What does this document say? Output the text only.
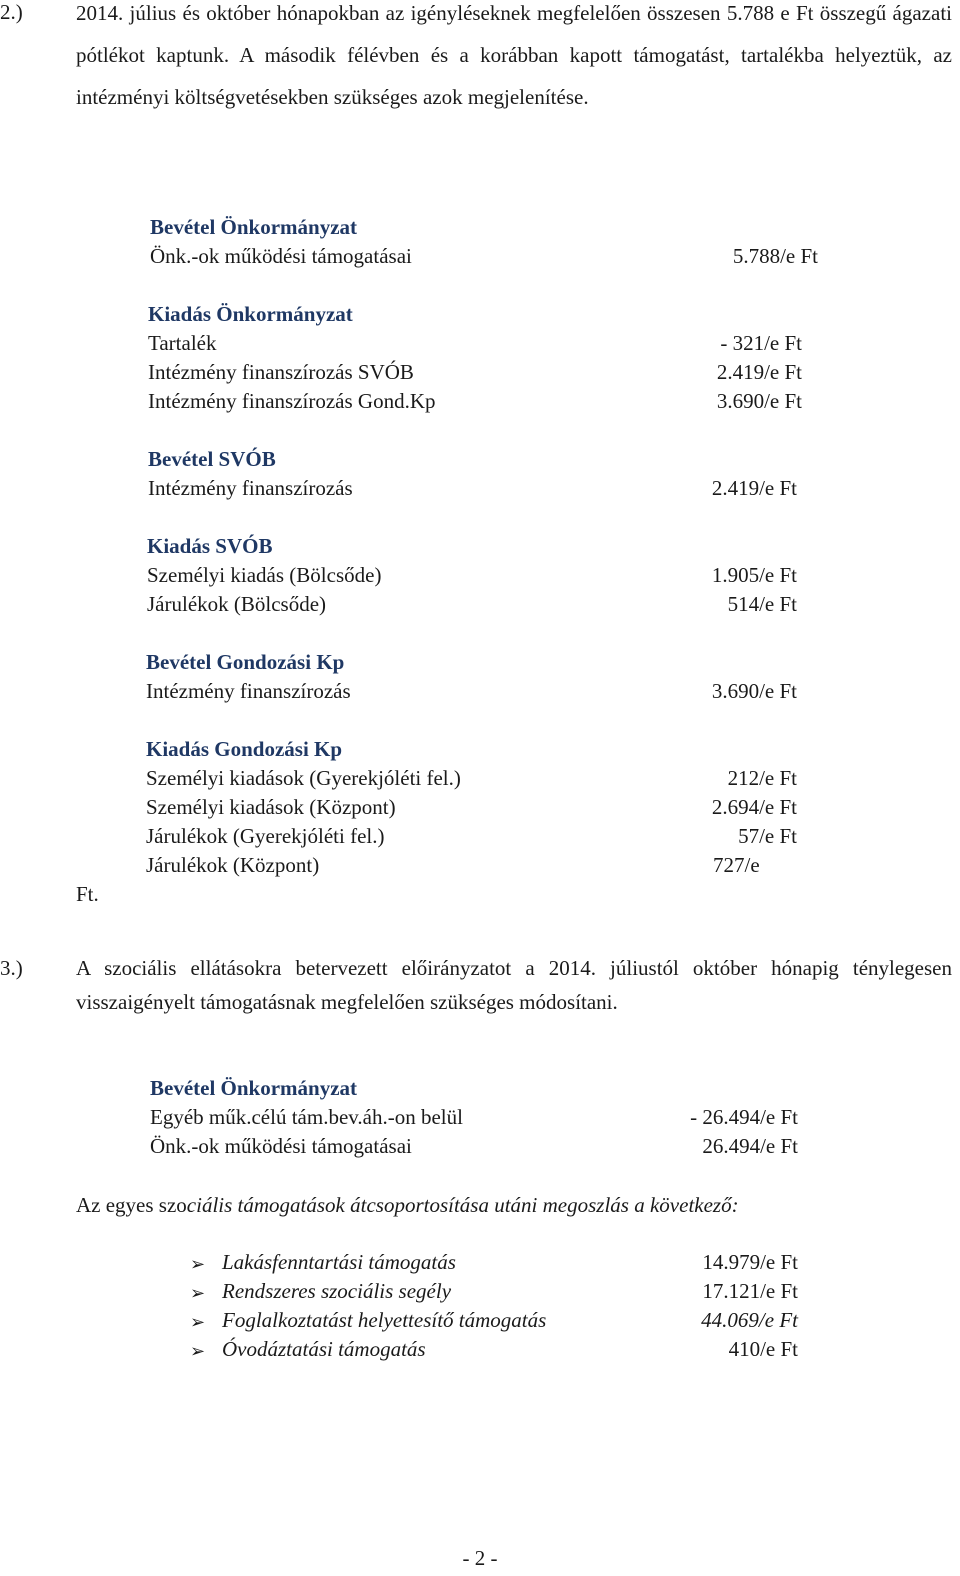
2.)	2014. július és október hónapokban az igényléseknek megfelelően összesen 5.788 e Ft összegű ágazati pótlékot kaptunk. A második félévben és a korábban kapott támogatást, tartalékba helyeztük, az intézményi költségvetésekben szükséges azok megjelenítése.
Bevétel Önkormányzat
Önk.-ok működési támogatásai	5.788/e Ft
Kiadás Önkormányzat
Tartalék	- 321/e Ft
Intézmény finanszírozás SVÓB	2.419/e Ft
Intézmény finanszírozás Gond.Kp	3.690/e Ft
Bevétel SVÓB
Intézmény finanszírozás	2.419/e Ft
Kiadás SVÓB
Személyi kiadás (Bölcsőde)	1.905/e Ft
Járulékok (Bölcsőde)	514/e Ft
Bevétel Gondozási Kp
Intézmény finanszírozás	3.690/e Ft
Kiadás Gondozási Kp
Személyi kiadások (Gyerekjóléti fel.)	212/e Ft
Személyi kiadások (Központ)	2.694/e Ft
Járulékok (Gyerekjóléti fel.)	57/e Ft
Járulékok (Központ)	727/e
Ft.
3.)	A szociális ellátásokra betervezett előirányzatot a 2014. júliustól október hónapig ténylegesen visszaigényelt támogatásnak megfelelően szükséges módosítani.
Bevétel Önkormányzat
Egyéb műk.célú tám.bev.áh.-on belül	- 26.494/e Ft
Önk.-ok működési támogatásai	26.494/e Ft
Az egyes szociális támogatások átcsoportosítása utáni megoszlás a következő:
➢ Lakásfenntartási támogatás	14.979/e Ft
➢ Rendszeres szociális segély	17.121/e Ft
➢ Foglalkoztatást helyettesítő támogatás	44.069/e Ft
➢ Óvodáztatási támogatás	410/e Ft
- 2 -
